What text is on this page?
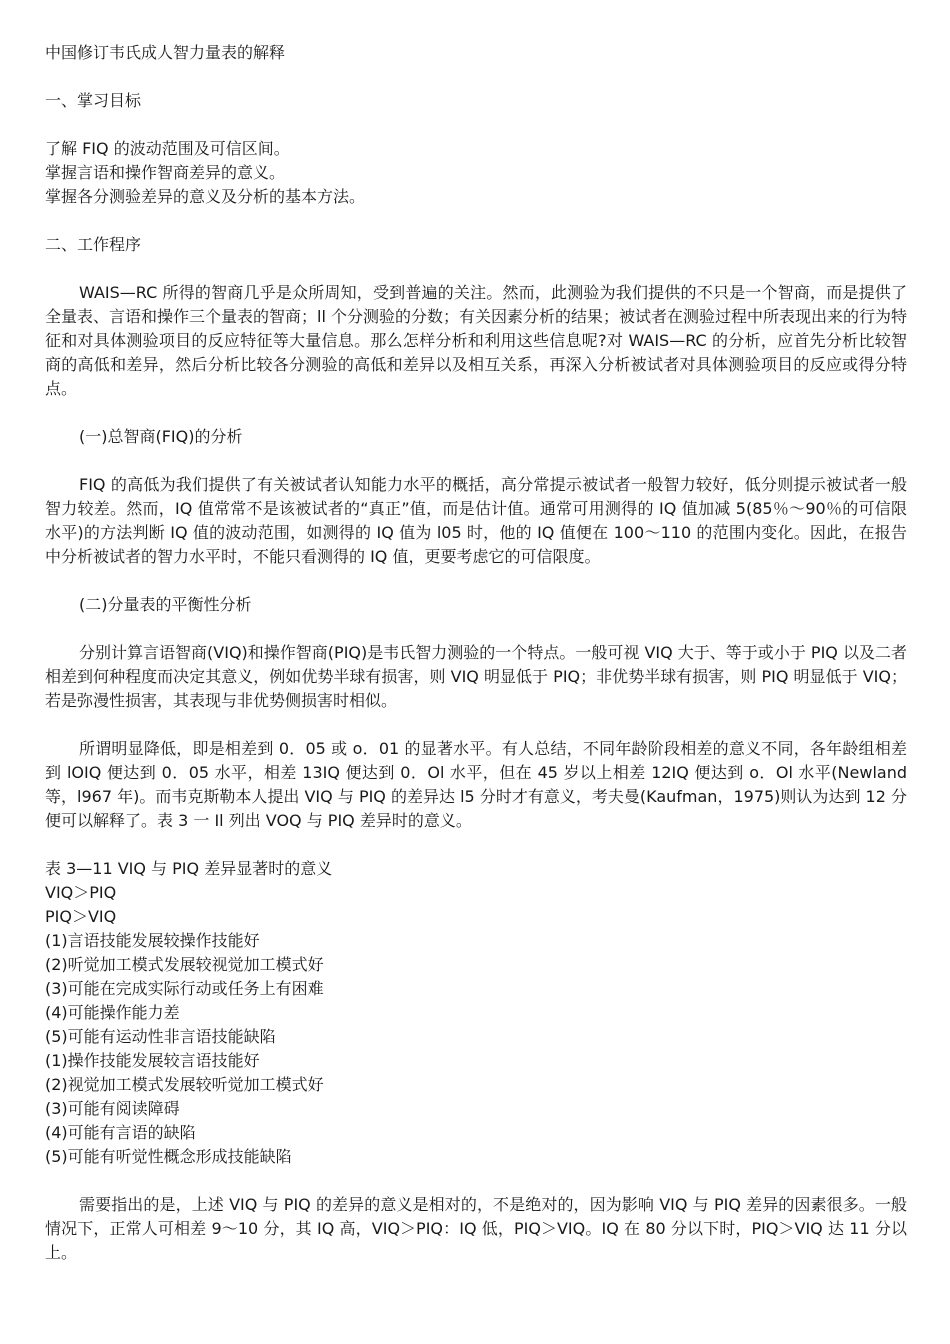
中国修订韦氏成人智力量表的解释

一、掌习目标

了解 FIQ 的波动范围及可信区间。

掌握言语和操作智商差异的意义。

掌握各分测验差异的意义及分析的基本方法。

二、工作程序

WAIS—RC 所得的智商几乎是众所周知，受到普遍的关注。然而，此测验为我们提供的不只是一个智商，而是提供了全量表、言语和操作三个量表的智商；ll 个分测验的分数；有关因素分析的结果；被试者在测验过程中所表现出来的行为特征和对具体测验项目的反应特征等大量信息。那么怎样分析和利用这些信息呢?对 WAIS—RC 的分析，应首先分析比较智商的高低和差异，然后分析比较各分测验的高低和差异以及相互关系，再深入分析被试者对具体测验项目的反应或得分特点。

(一)总智商(FIQ)的分析

FIQ 的高低为我们提供了有关被试者认知能力水平的概括，高分常提示被试者一般智力较好，低分则提示被试者一般智力较差。然而，IQ 值常常不是该被试者的“真正”值，而是估计值。通常可用测得的 IQ 值加减 5(85％～90％的可信限水平)的方法判断 IQ 值的波动范围，如测得的 IQ 值为 l05 时，他的 IQ 值便在 100～110 的范围内变化。因此，在报告中分析被试者的智力水平时，不能只看测得的 IQ 值，更要考虑它的可信限度。

(二)分量表的平衡性分析

分别计算言语智商(VIQ)和操作智商(PIQ)是韦氏智力测验的一个特点。一般可视 VIQ 大于、等于或小于 PIQ 以及二者相差到何种程度而决定其意义，例如优势半球有损害，则 VIQ 明显低于 PIQ；非优势半球有损害，则 PIQ 明显低于 VIQ；若是弥漫性损害，其表现与非优势侧损害时相似。

所谓明显降低，即是相差到 0．05 或 o．01 的显著水平。有人总结，不同年龄阶段相差的意义不同，各年龄组相差到 lOIQ 便达到 0．05 水平，相差 13IQ 便达到 0．Ol 水平，但在 45 岁以上相差 12IQ 便达到 o．Ol 水平(Newland 等，l967 年)。而韦克斯勒本人提出 VIQ 与 PIQ 的差异达 l5 分时才有意义，考夫曼(Kaufman，1975)则认为达到 12 分便可以解释了。表 3 一 Il 列出 VOQ 与 PIQ 差异时的意义。

表 3—11 VIQ 与 PIQ 差异显著时的意义

VIQ＞PIQ

PIQ＞VIQ

(1)言语技能发展较操作技能好

(2)听觉加工模式发展较视觉加工模式好

(3)可能在完成实际行动或任务上有困难

(4)可能操作能力差

(5)可能有运动性非言语技能缺陷

(1)操作技能发展较言语技能好

(2)视觉加工模式发展较听觉加工模式好

(3)可能有阅读障碍

(4)可能有言语的缺陷

(5)可能有听觉性概念形成技能缺陷

需要指出的是，上述 VIQ 与 PIQ 的差异的意义是相对的，不是绝对的，因为影响 VIQ 与 PIQ 差异的因素很多。一般情况下，正常人可相差 9～10 分，其 IQ 高，VIQ＞PIQ：IQ 低，PIQ＞VIQ。IQ 在 80 分以下时，PIQ＞VIQ 达 11 分以上。
